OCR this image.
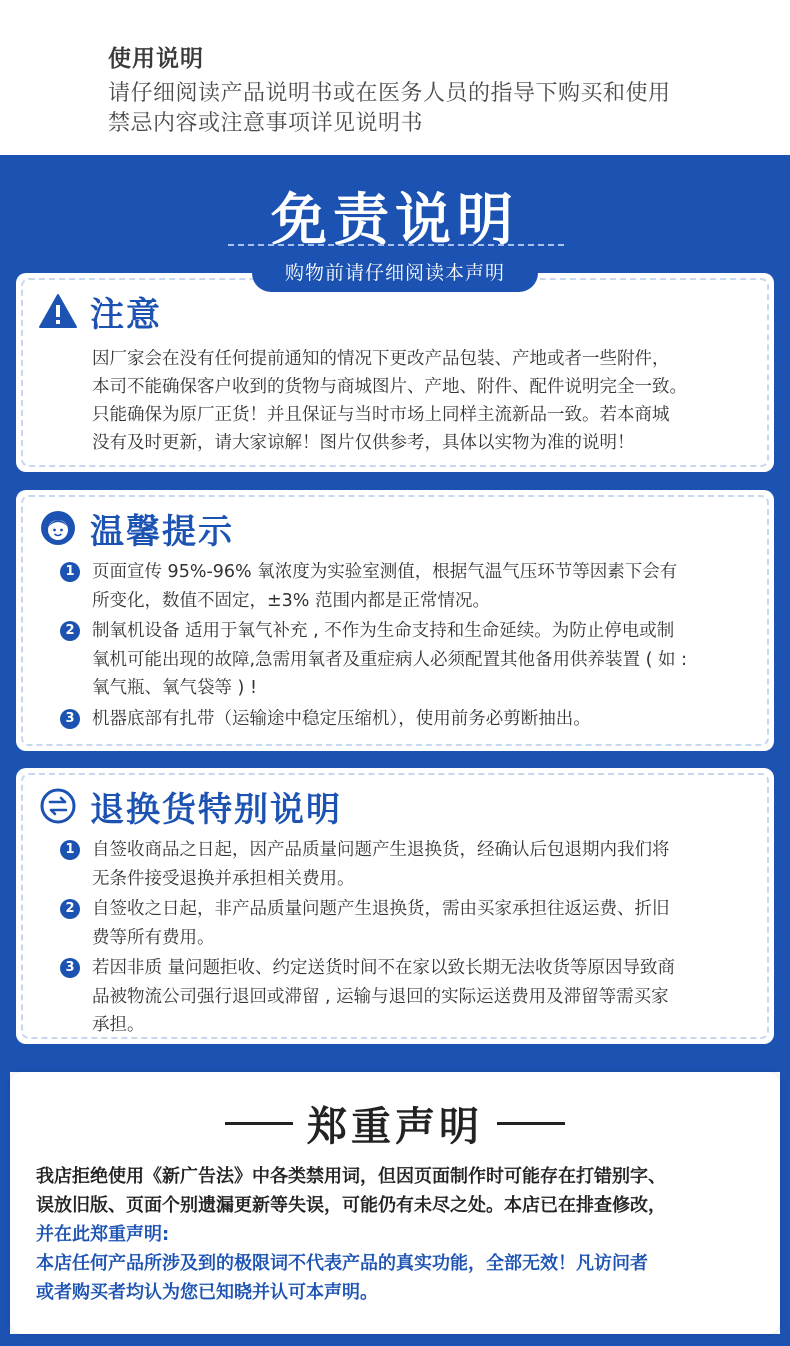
使用说明
请仔细阅读产品说明书或在医务人员的指导下购买和使用
禁忌内容或注意事项详见说明书
免责说明
购物前请仔细阅读本声明
注意
因厂家会在没有任何提前通知的情况下更改产品包装、产地或者一些附件，
本司不能确保客户收到的货物与商城图片、产地、附件、配件说明完全一致。
只能确保为原厂正货！并且保证与当时市场上同样主流新品一致。若本商城
没有及时更新，请大家谅解！图片仅供参考，具体以实物为准的说明！
温馨提示
1 页面宣传 95%-96% 氧浓度为实验室测值，根据气温气压环节等因素下会有
所变化，数值不固定，±3% 范围内都是正常情况。
2 制氧机设备 适用于氧气补充 , 不作为生命支持和生命延续。为防止停电或制
氧机可能出现的故障,急需用氧者及重症病人必须配置其他备用供养装置 ( 如 :
氧气瓶、氧气袋等 ) !
3 机器底部有扎带（运输途中稳定压缩机），使用前务必剪断抽出。
退换货特别说明
1 自签收商品之日起，因产品质量问题产生退换货，经确认后包退期内我们将
无条件接受退换并承担相关费用。
2 自签收之日起，非产品质量问题产生退换货，需由买家承担往返运费、折旧
费等所有费用。
3 若因非质 量问题拒收、约定送货时间不在家以致长期无法收货等原因导致商
品被物流公司强行退回或滞留 , 运输与退回的实际运送费用及滞留等需买家
承担。
郑重声明
我店拒绝使用《新广告法》中各类禁用词，但因页面制作时可能存在打错别字、
误放旧版、页面个别遗漏更新等失误，可能仍有未尽之处。本店已在排查修改，
并在此郑重声明:
本店任何产品所涉及到的极限词不代表产品的真实功能，全部无效！凡访问者
或者购买者均认为您已知晓并认可本声明。
